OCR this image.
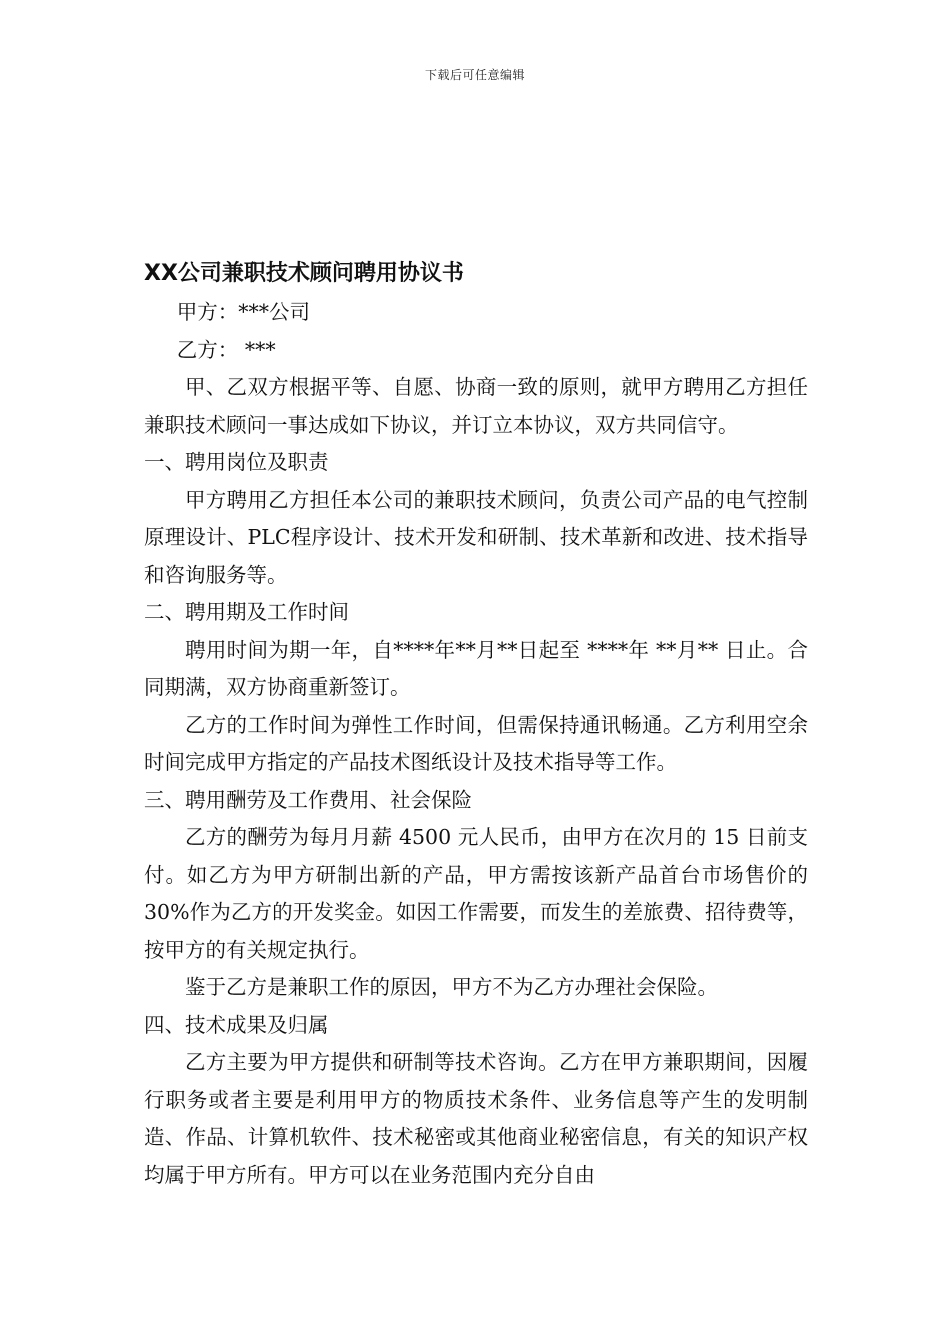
下载后可任意编辑
XX公司兼职技术顾问聘用协议书

甲方：***公司

乙方： ***

甲、乙双方根据平等、自愿、协商一致的原则，就甲方聘用乙方担任兼职技术顾问一事达成如下协议，并订立本协议，双方共同信守。

一、聘用岗位及职责

甲方聘用乙方担任本公司的兼职技术顾问，负责公司产品的电气控制原理设计、PLC程序设计、技术开发和研制、技术革新和改进、技术指导和咨询服务等。

二、聘用期及工作时间

聘用时间为期一年，自****年**月**日起至 ****年 **月** 日止。合同期满，双方协商重新签订。

乙方的工作时间为弹性工作时间，但需保持通讯畅通。乙方利用空余时间完成甲方指定的产品技术图纸设计及技术指导等工作。

三、聘用酬劳及工作费用、社会保险

乙方的酬劳为每月月薪 4500 元人民币，由甲方在次月的 15 日前支付。如乙方为甲方研制出新的产品，甲方需按该新产品首台市场售价的 30%作为乙方的开发奖金。如因工作需要，而发生的差旅费、招待费等，按甲方的有关规定执行。

鉴于乙方是兼职工作的原因，甲方不为乙方办理社会保险。

四、技术成果及归属

乙方主要为甲方提供和研制等技术咨询。乙方在甲方兼职期间，因履行职务或者主要是利用甲方的物质技术条件、业务信息等产生的发明制造、作品、计算机软件、技术秘密或其他商业秘密信息，有关的知识产权均属于甲方所有。甲方可以在业务范围内充分自由
